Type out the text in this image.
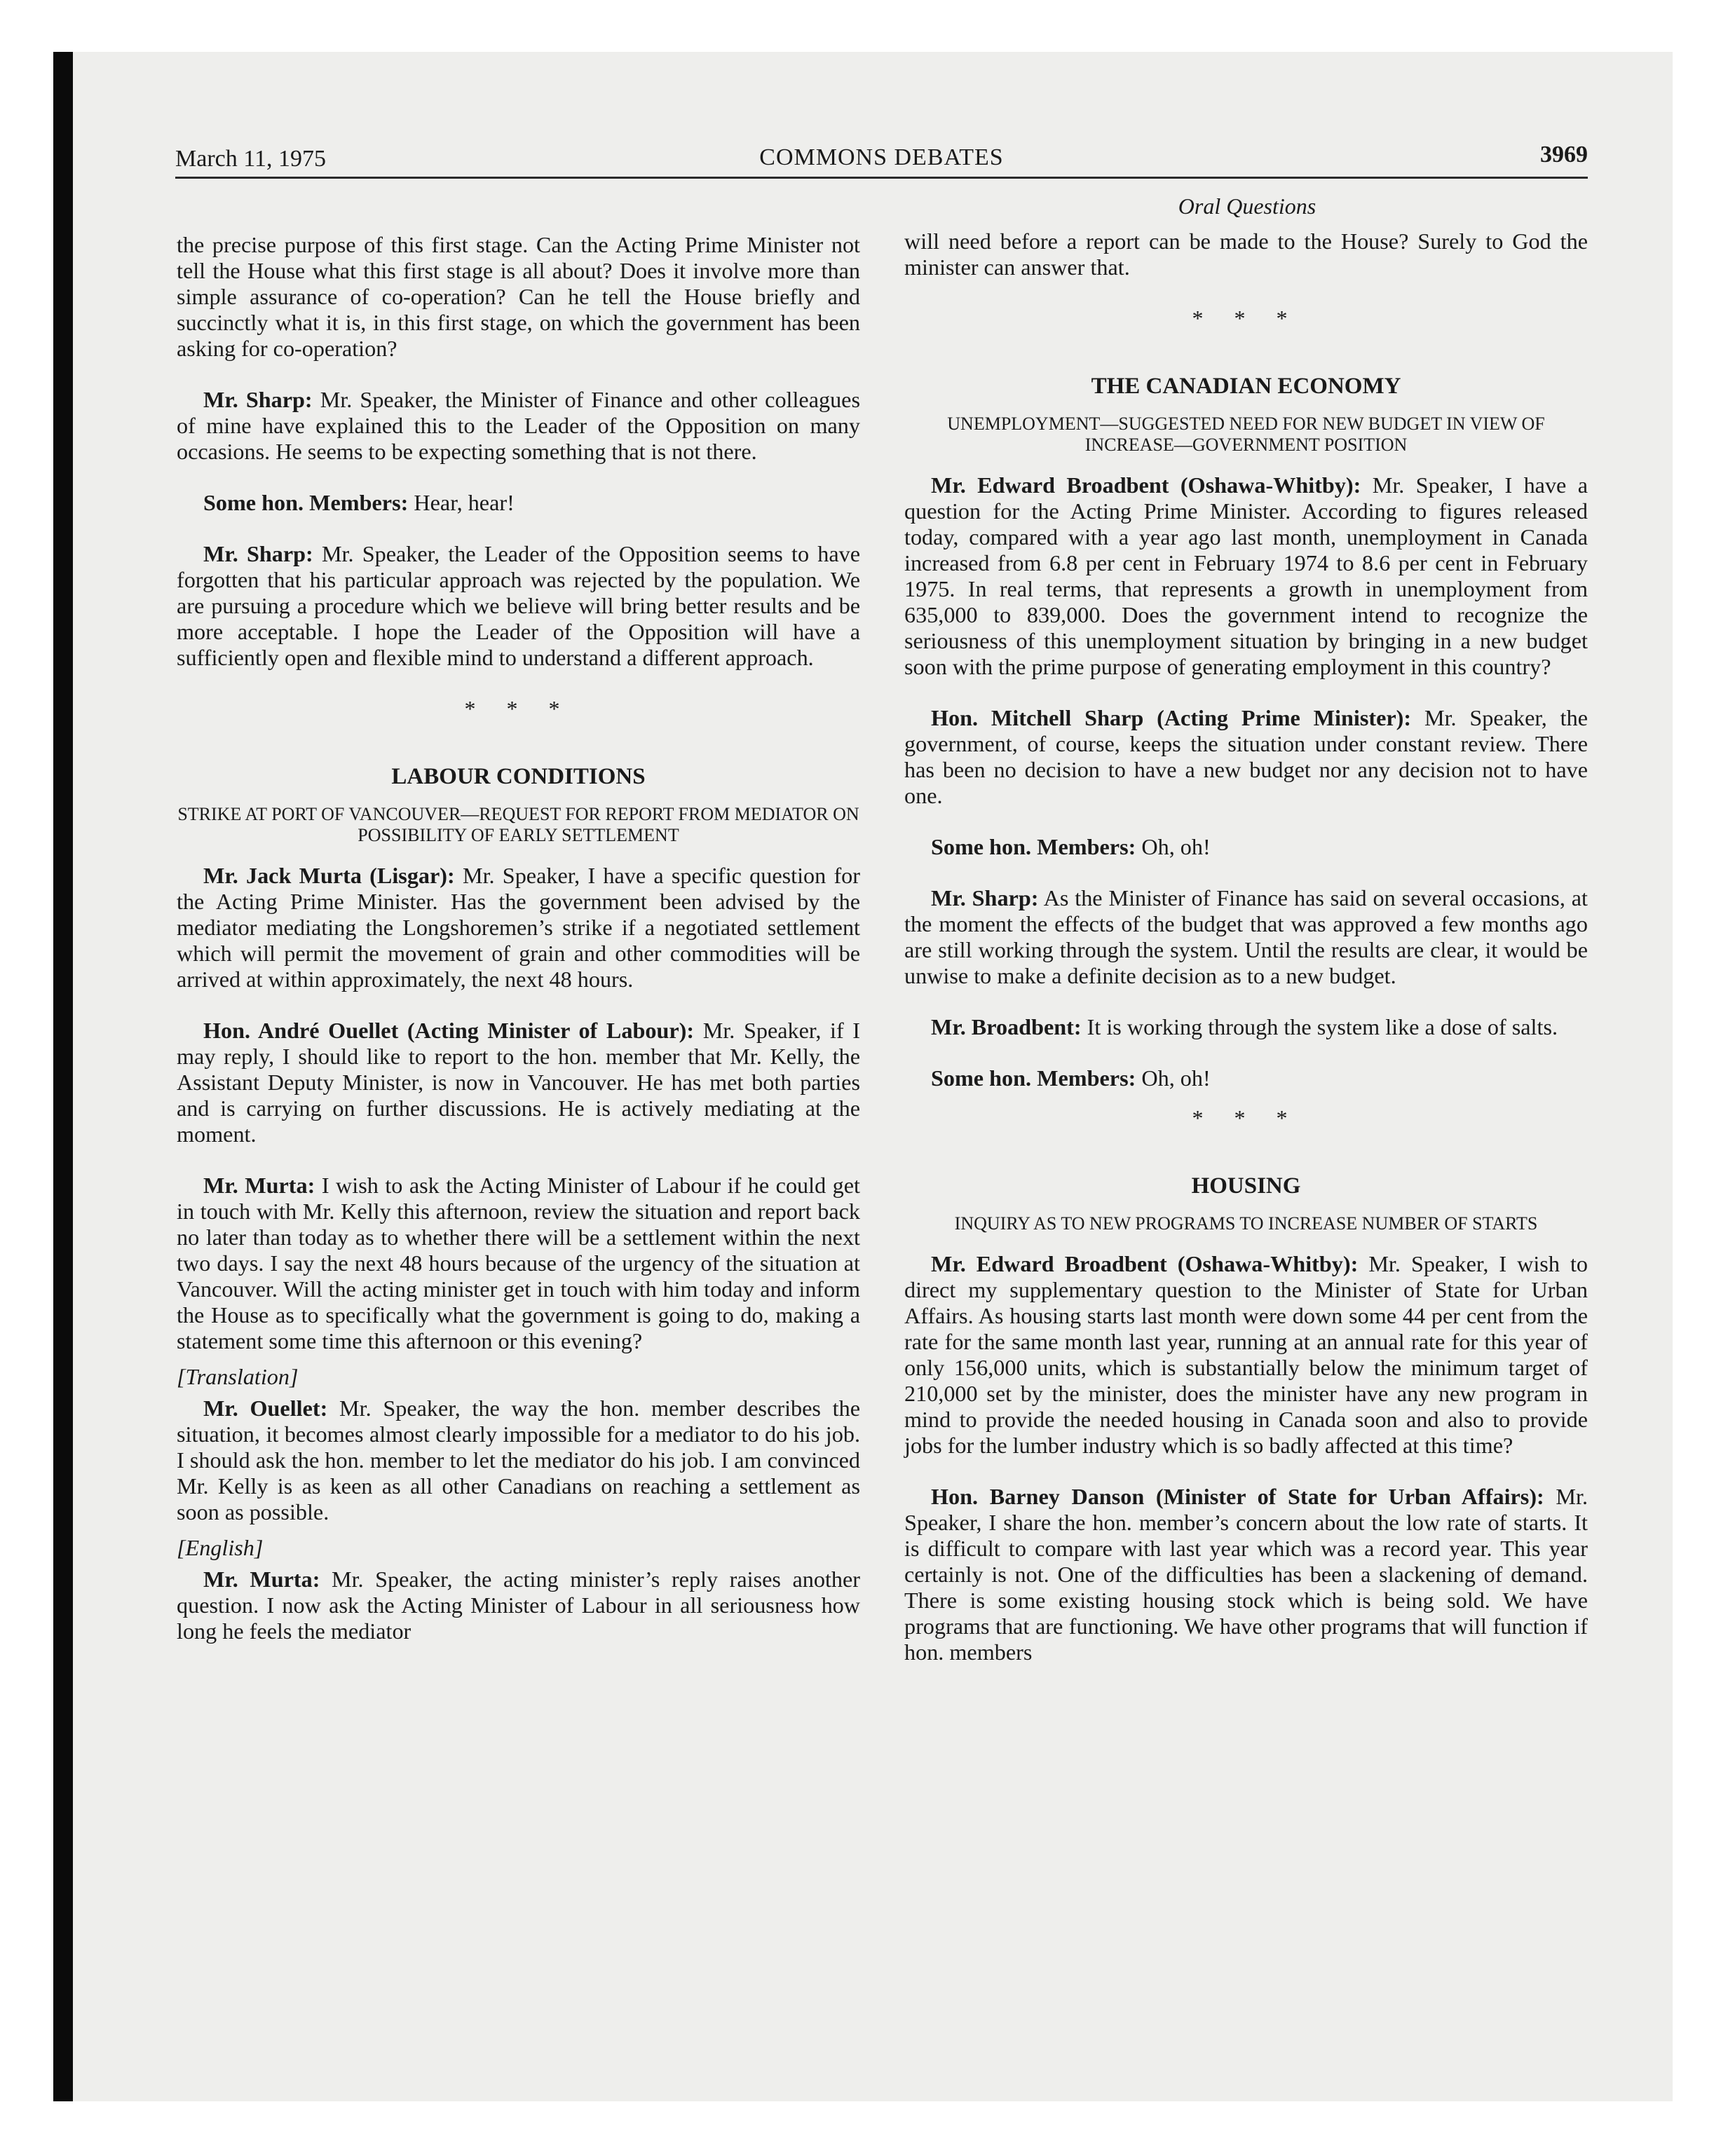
March 11, 1975	COMMONS DEBATES	3969
Oral Questions

the precise purpose of this first stage. Can the Acting Prime Minister not tell the House what this first stage is all about? Does it involve more than simple assurance of co-operation? Can he tell the House briefly and succinctly what it is, in this first stage, on which the government has been asking for co-operation?

Mr. Sharp: Mr. Speaker, the Minister of Finance and other colleagues of mine have explained this to the Leader of the Opposition on many occasions. He seems to be expecting something that is not there.

Some hon. Members: Hear, hear!

Mr. Sharp: Mr. Speaker, the Leader of the Opposition seems to have forgotten that his particular approach was rejected by the population. We are pursuing a procedure which we believe will bring better results and be more acceptable. I hope the Leader of the Opposition will have a sufficiently open and flexible mind to understand a different approach.

* * *
LABOUR CONDITIONS
STRIKE AT PORT OF VANCOUVER—REQUEST FOR REPORT FROM MEDIATOR ON POSSIBILITY OF EARLY SETTLEMENT

Mr. Jack Murta (Lisgar): Mr. Speaker, I have a specific question for the Acting Prime Minister. Has the government been advised by the mediator mediating the Longshoremen’s strike if a negotiated settlement which will permit the movement of grain and other commodities will be arrived at within approximately, the next 48 hours.

Hon. André Ouellet (Acting Minister of Labour): Mr. Speaker, if I may reply, I should like to report to the hon. member that Mr. Kelly, the Assistant Deputy Minister, is now in Vancouver. He has met both parties and is carrying on further discussions. He is actively mediating at the moment.

Mr. Murta: I wish to ask the Acting Minister of Labour if he could get in touch with Mr. Kelly this afternoon, review the situation and report back no later than today as to whether there will be a settlement within the next two days. I say the next 48 hours because of the urgency of the situation at Vancouver. Will the acting minister get in touch with him today and inform the House as to specifically what the government is going to do, making a statement some time this afternoon or this evening?

[Translation]

Mr. Ouellet: Mr. Speaker, the way the hon. member describes the situation, it becomes almost clearly impossible for a mediator to do his job. I should ask the hon. member to let the mediator do his job. I am convinced Mr. Kelly is as keen as all other Canadians on reaching a settlement as soon as possible.

[English]

Mr. Murta: Mr. Speaker, the acting minister’s reply raises another question. I now ask the Acting Minister of Labour in all seriousness how long he feels the mediator

will need before a report can be made to the House? Surely to God the minister can answer that.

* * *
THE CANADIAN ECONOMY
UNEMPLOYMENT—SUGGESTED NEED FOR NEW BUDGET IN VIEW OF INCREASE—GOVERNMENT POSITION

Mr. Edward Broadbent (Oshawa-Whitby): Mr. Speaker, I have a question for the Acting Prime Minister. According to figures released today, compared with a year ago last month, unemployment in Canada increased from 6.8 per cent in February 1974 to 8.6 per cent in February 1975. In real terms, that represents a growth in unemployment from 635,000 to 839,000. Does the government intend to recognize the seriousness of this unemployment situation by bringing in a new budget soon with the prime purpose of generating employment in this country?

Hon. Mitchell Sharp (Acting Prime Minister): Mr. Speaker, the government, of course, keeps the situation under constant review. There has been no decision to have a new budget nor any decision not to have one.

Some hon. Members: Oh, oh!

Mr. Sharp: As the Minister of Finance has said on several occasions, at the moment the effects of the budget that was approved a few months ago are still working through the system. Until the results are clear, it would be unwise to make a definite decision as to a new budget.

Mr. Broadbent: It is working through the system like a dose of salts.

Some hon. Members: Oh, oh!

* * *
HOUSING
INQUIRY AS TO NEW PROGRAMS TO INCREASE NUMBER OF STARTS

Mr. Edward Broadbent (Oshawa-Whitby): Mr. Speaker, I wish to direct my supplementary question to the Minister of State for Urban Affairs. As housing starts last month were down some 44 per cent from the rate for the same month last year, running at an annual rate for this year of only 156,000 units, which is substantially below the minimum target of 210,000 set by the minister, does the minister have any new program in mind to provide the needed housing in Canada soon and also to provide jobs for the lumber industry which is so badly affected at this time?

Hon. Barney Danson (Minister of State for Urban Affairs): Mr. Speaker, I share the hon. member’s concern about the low rate of starts. It is difficult to compare with last year which was a record year. This year certainly is not. One of the difficulties has been a slackening of demand. There is some existing housing stock which is being sold. We have programs that are functioning. We have other programs that will function if hon. members
